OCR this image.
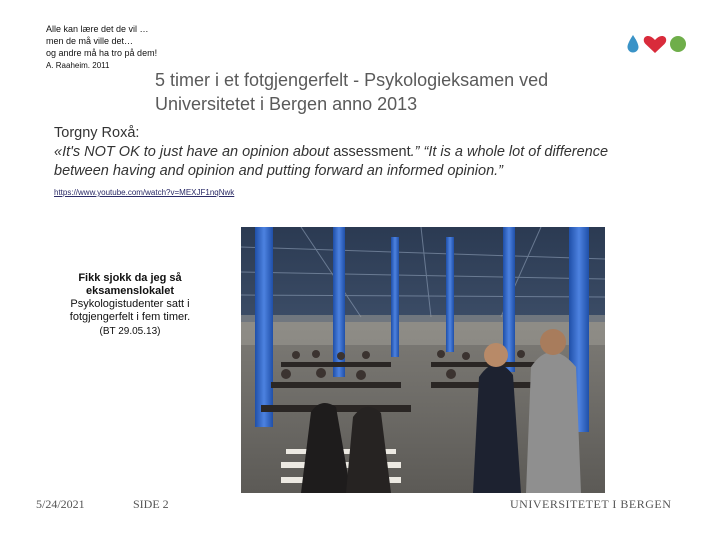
Alle kan lære det de vil …
men de må ville det…
og andre må ha tro på dem!
A. Raaheim. 2011
5 timer i et fotgjengerfelt - Psykologieksamen ved
Universitetet i Bergen anno 2013
Torgny Roxå:
«It's NOT OK to just have an opinion about assessment.” “It is a whole lot of difference between having and opinion and putting forward an informed opinion.”
https://www.youtube.com/watch?v=MEXJF1nqNwk
Fikk sjokk da jeg så
eksamenslokalet
Psykologistudenter satt i
fotgjengerfelt i fem timer.
(BT 29.05.13)
5/24/2021	SIDE 2	UNIVERSITETET I BERGEN
